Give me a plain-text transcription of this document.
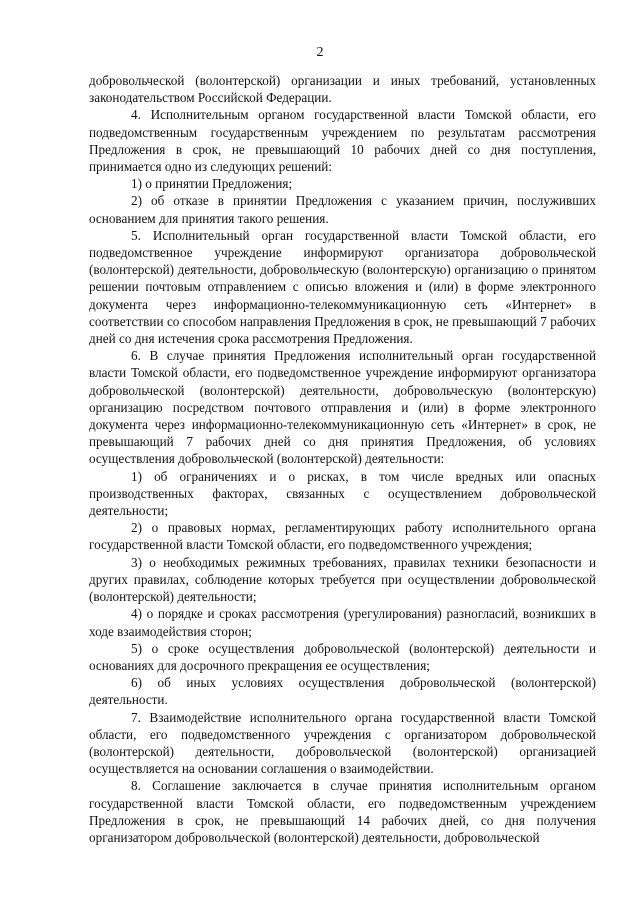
2

добровольческой (волонтерской) организации и иных требований, установленных законодательством Российской Федерации.

4. Исполнительным органом государственной власти Томской области, его подведомственным государственным учреждением по результатам рассмотрения Предложения в срок, не превышающий 10 рабочих дней со дня поступления, принимается одно из следующих решений:

1) о принятии Предложения;

2) об отказе в принятии Предложения с указанием причин, послуживших основанием для принятия такого решения.

5. Исполнительный орган государственной власти Томской области, его подведомственное учреждение информируют организатора добровольческой (волонтерской) деятельности, добровольческую (волонтерскую) организацию о принятом решении почтовым отправлением с описью вложения и (или) в форме электронного документа через информационно-телекоммуникационную сеть «Интернет» в соответствии со способом направления Предложения в срок, не превышающий 7 рабочих дней со дня истечения срока рассмотрения Предложения.

6. В случае принятия Предложения исполнительный орган государственной власти Томской области, его подведомственное учреждение информируют организатора добровольческой (волонтерской) деятельности, добровольческую (волонтерскую) организацию посредством почтового отправления и (или) в форме электронного документа через информационно-телекоммуникационную сеть «Интернет» в срок, не превышающий 7 рабочих дней со дня принятия Предложения, об условиях осуществления добровольческой (волонтерской) деятельности:

1) об ограничениях и о рисках, в том числе вредных или опасных производственных факторах, связанных с осуществлением добровольческой деятельности;

2) о правовых нормах, регламентирующих работу исполнительного органа государственной власти Томской области, его подведомственного учреждения;

3) о необходимых режимных требованиях, правилах техники безопасности и других правилах, соблюдение которых требуется при осуществлении добровольческой (волонтерской) деятельности;

4) о порядке и сроках рассмотрения (урегулирования) разногласий, возникших в ходе взаимодействия сторон;

5) о сроке осуществления добровольческой (волонтерской) деятельности и основаниях для досрочного прекращения ее осуществления;

6) об иных условиях осуществления добровольческой (волонтерской) деятельности.

7. Взаимодействие исполнительного органа государственной власти Томской области, его подведомственного учреждения с организатором добровольческой (волонтерской) деятельности, добровольческой (волонтерской) организацией осуществляется на основании соглашения о взаимодействии.

8. Соглашение заключается в случае принятия исполнительным органом государственной власти Томской области, его подведомственным учреждением Предложения в срок, не превышающий 14 рабочих дней, со дня получения организатором добровольческой (волонтерской) деятельности, добровольческой
